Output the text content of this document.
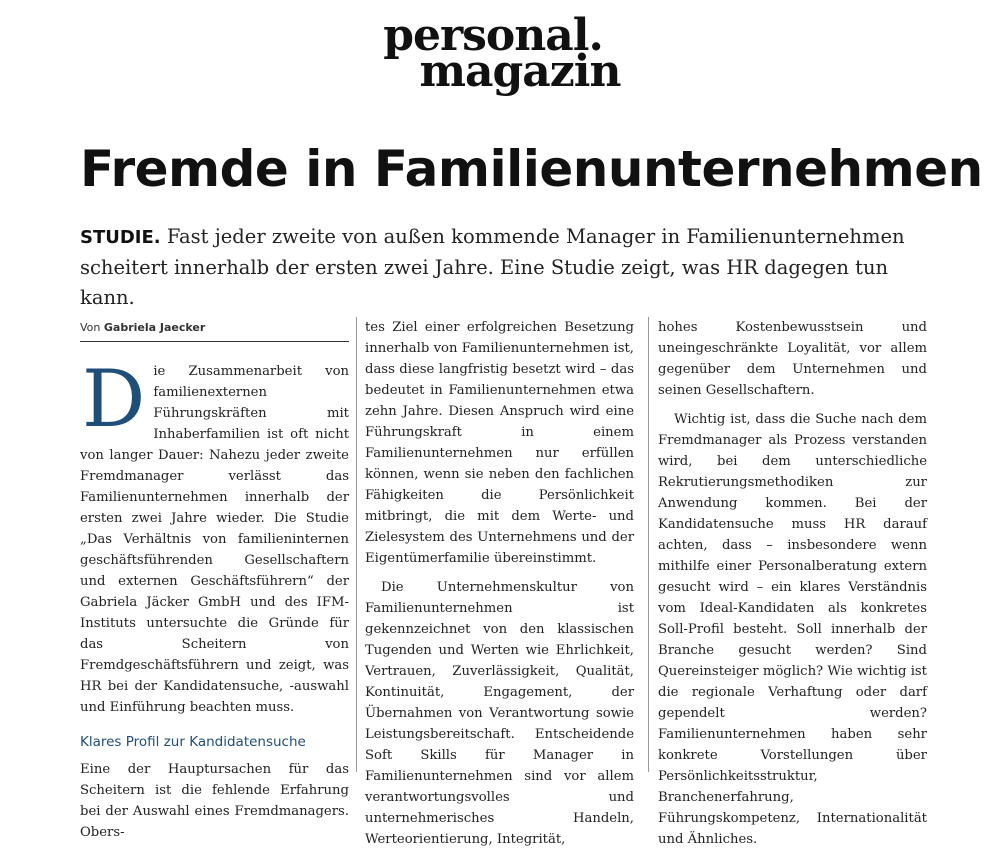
personal.
magazin
Fremde in Familienunternehmen

STUDIE. Fast jeder zweite von außen kommende Manager in Familienunternehmen scheitert innerhalb der ersten zwei Jahre. Eine Studie zeigt, was HR dagegen tun kann.

Von Gabriela Jaecker

Die Zusammenarbeit von familienexternen Führungskräften mit Inhaberfamilien ist oft nicht von langer Dauer: Nahezu jeder zweite Fremdmanager verlässt das Familienunternehmen innerhalb der ersten zwei Jahre wieder. Die Studie „Das Verhältnis von familieninternen geschäftsführenden Gesellschaftern und externen Geschäftsführern“ der Gabriela Jäcker GmbH und des IFM-Instituts untersuchte die Gründe für das Scheitern von Fremdgeschäftsführern und zeigt, was HR bei der Kandidatensuche, -auswahl und Einführung beachten muss.

Klares Profil zur Kandidatensuche

Eine der Hauptursachen für das Scheitern ist die fehlende Erfahrung bei der Auswahl eines Fremdmanagers. Obers-

tes Ziel einer erfolgreichen Besetzung innerhalb von Familienunternehmen ist, dass diese langfristig besetzt wird – das bedeutet in Familienunternehmen etwa zehn Jahre. Diesen Anspruch wird eine Führungskraft in einem Familienunternehmen nur erfüllen können, wenn sie neben den fachlichen Fähigkeiten die Persönlichkeit mitbringt, die mit dem Werte- und Zielesystem des Unternehmens und der Eigentümerfamilie übereinstimmt.

Die Unternehmenskultur von Familienunternehmen ist gekennzeichnet von den klassischen Tugenden und Werten wie Ehrlichkeit, Vertrauen, Zuverlässigkeit, Qualität, Kontinuität, Engagement, der Übernahmen von Verantwortung sowie Leistungsbereitschaft. Entscheidende Soft Skills für Manager in Familienunternehmen sind vor allem verantwortungsvolles und unternehmerisches Handeln, Werteorientierung, Integrität,

hohes Kostenbewusstsein und uneingeschränkte Loyalität, vor allem gegenüber dem Unternehmen und seinen Gesellschaftern.

Wichtig ist, dass die Suche nach dem Fremdmanager als Prozess verstanden wird, bei dem unterschiedliche Rekrutierungsmethodiken zur Anwendung kommen. Bei der Kandidatensuche muss HR darauf achten, dass – insbesondere wenn mithilfe einer Personalberatung extern gesucht wird – ein klares Verständnis vom Ideal-Kandidaten als konkretes Soll-Profil besteht. Soll innerhalb der Branche gesucht werden? Sind Quereinsteiger möglich? Wie wichtig ist die regionale Verhaftung oder darf gependelt werden? Familienunternehmen haben sehr konkrete Vorstellungen über Persönlichkeitsstruktur, Branchenerfahrung, Führungskompetenz, Internationalität und Ähnliches.
